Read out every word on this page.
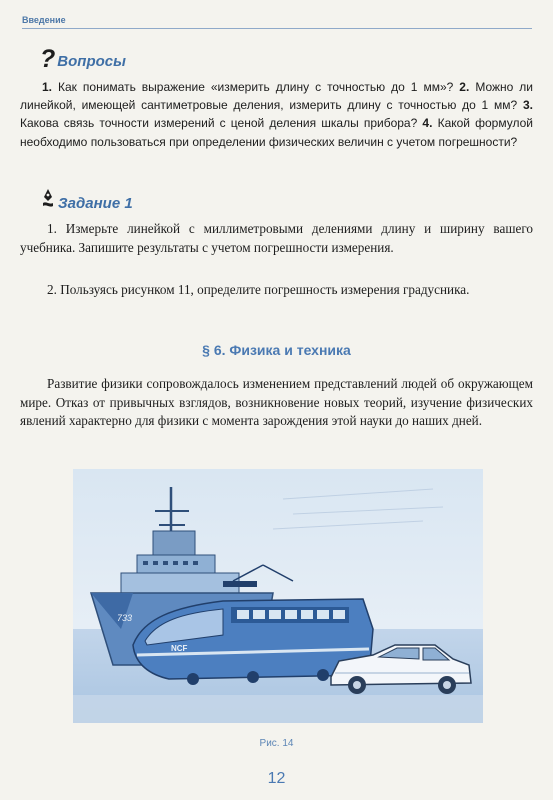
Введение
? Вопросы
1. Как понимать выражение «измерить длину с точностью до 1 мм»? 2. Можно ли линейкой, имеющей сантиметровые деления, измерить длину с точностью до 1 мм? 3. Какова связь точности измерений с ценой деления шкалы прибора? 4. Какой формулой необходимо пользоваться при определении физических величин с учетом погрешности?
Задание 1

1. Измерьте линейкой с миллиметровыми делениями длину и ширину вашего учебника. Запишите результаты с учетом погрешности измерения.

2. Пользуясь рисунком 11, определите погрешность измерения градусника.

§ 6. Физика и техника

Развитие физики сопровождалось изменением представлений людей об окружающем мире. Отказ от привычных взглядов, возникновение новых теорий, изучение физических явлений характерно для физики с момента зарождения этой науки до наших дней.

733
NCF
Рис. 14
12
